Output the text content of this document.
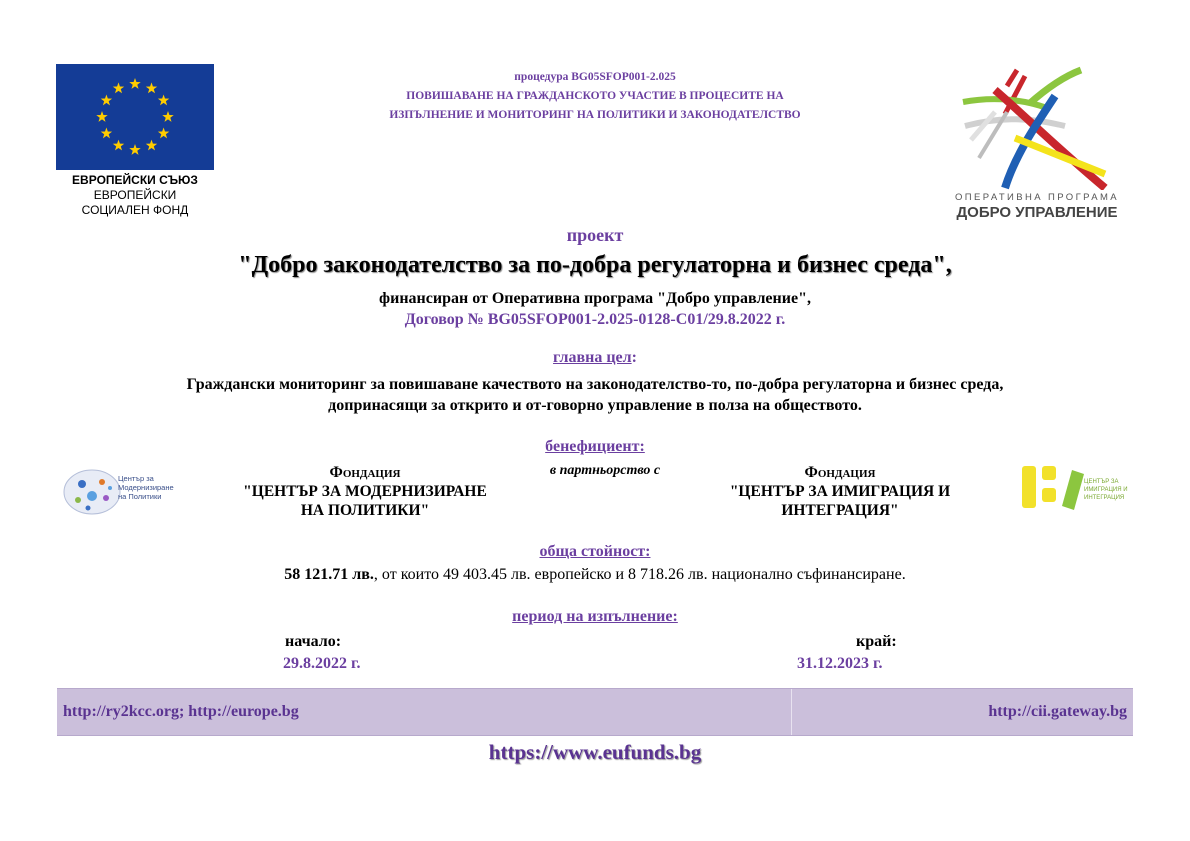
ЕВРОПЕЙСКИ СЪЮЗ
ЕВРОПЕЙСКИ
СОЦИАЛЕН ФОНД
процедура BG05SFOP001-2.025
ПОВИШАВАНЕ НА ГРАЖДАНСКОТО УЧАСТИЕ В ПРОЦЕСИТЕ НА
ИЗПЪЛНЕНИЕ И МОНИТОРИНГ НА ПОЛИТИКИ И ЗАКОНОДАТЕЛСТВО
ОПЕРАТИВНА ПРОГРАМА
ДОБРО УПРАВЛЕНИЕ
проект
"Добро законодателство за по-добра регулаторна и бизнес среда",
финансиран от Оперативна програма "Добро управление",
Договор № BG05SFOP001-2.025-0128-C01/29.8.2022 г.
главна цел:
Граждански мониторинг за повишаване качеството на законодателство-то, по-добра регулаторна и бизнес среда,
допринасящи за открито и от-говорно управление в полза на обществото.
бенефициент:
Център за
Модернизиране
на Политики
Фондация
"ЦЕНТЪР ЗА МОДЕРНИЗИРАНЕ
НА ПОЛИТИКИ"
в партньорство с	Фондация
"ЦЕНТЪР ЗА ИМИГРАЦИЯ И
ИНТЕГРАЦИЯ"
ЦЕНТЪР ЗА
ИМИГРАЦИЯ И
ИНТЕГРАЦИЯ
обща стойност:
58 121.71 лв., от които 49 403.45 лв. европейско и 8 718.26 лв. национално съфинансиране.
период на изпълнение:
начало:
29.8.2022 г.
край:
31.12.2023 г.
http://ry2kcc.org; http://europe.bg	http://cii.gateway.bg
https://www.eufunds.bg
